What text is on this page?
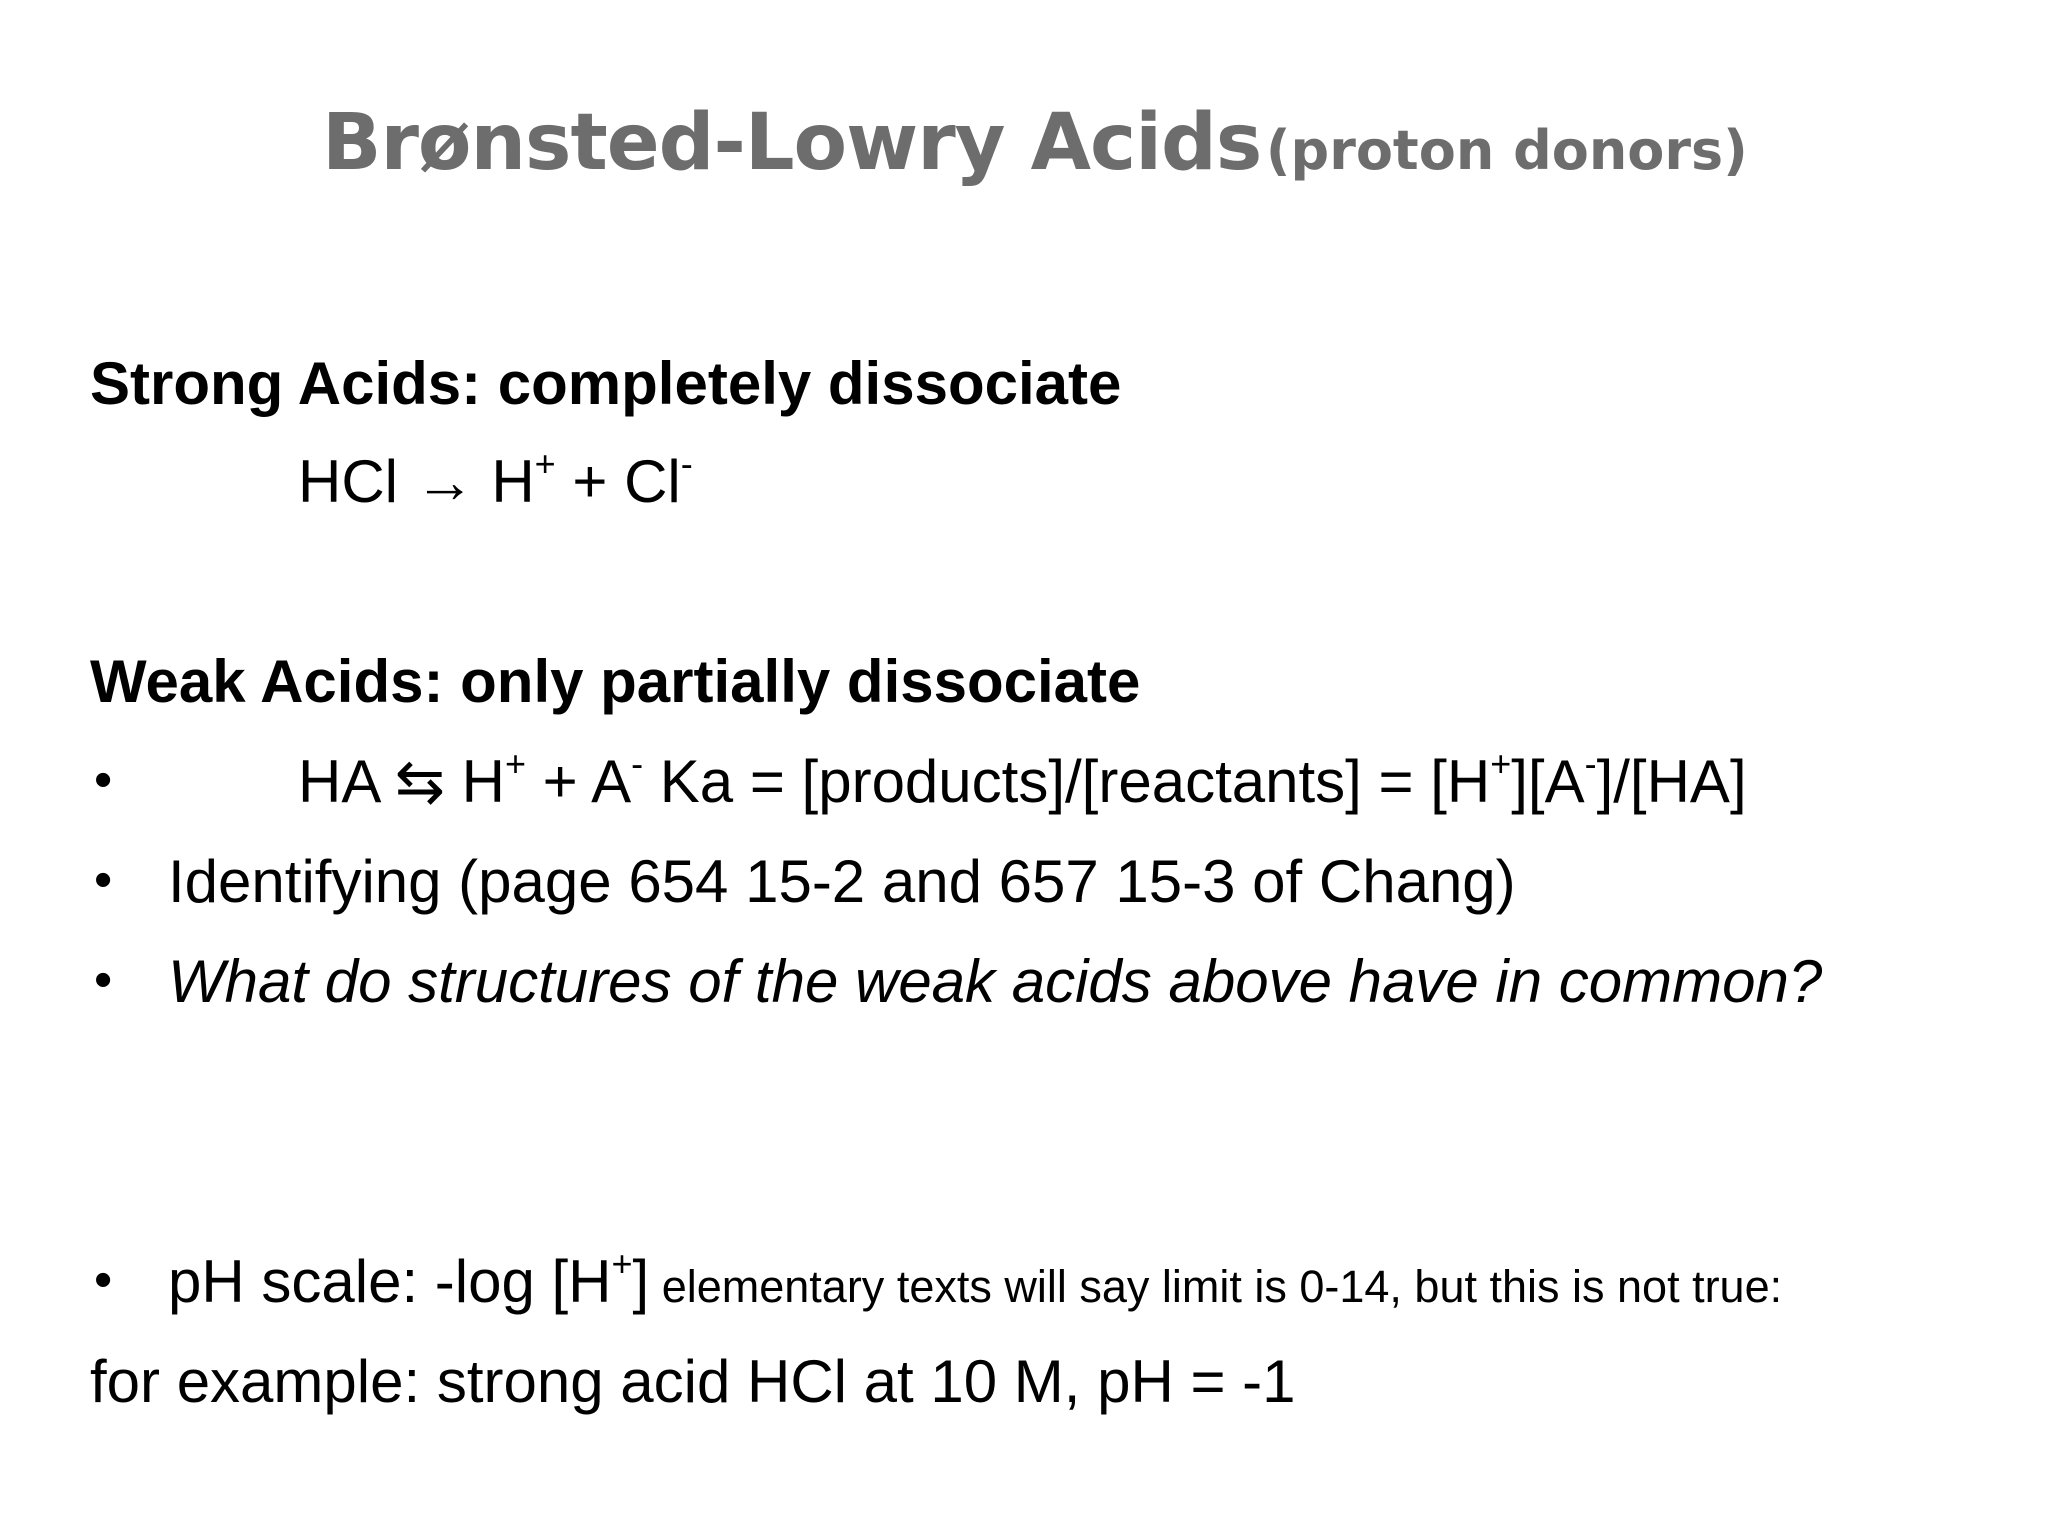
Brønsted-Lowry Acids (proton donors)
Strong Acids: completely dissociate
HCl → H+ + Cl-
Weak Acids: only partially dissociate
•	HA ⇆ H+ + A- Ka = [products]/[reactants] = [H+][A-]/[HA]
• Identifying (page 654 15-2 and 657 15-3 of Chang)
• What do structures of the weak acids above have in common?
• pH scale: -log [H+] elementary texts will say limit is 0-14, but this is not true:
for example: strong acid HCl at 10 M, pH = -1
